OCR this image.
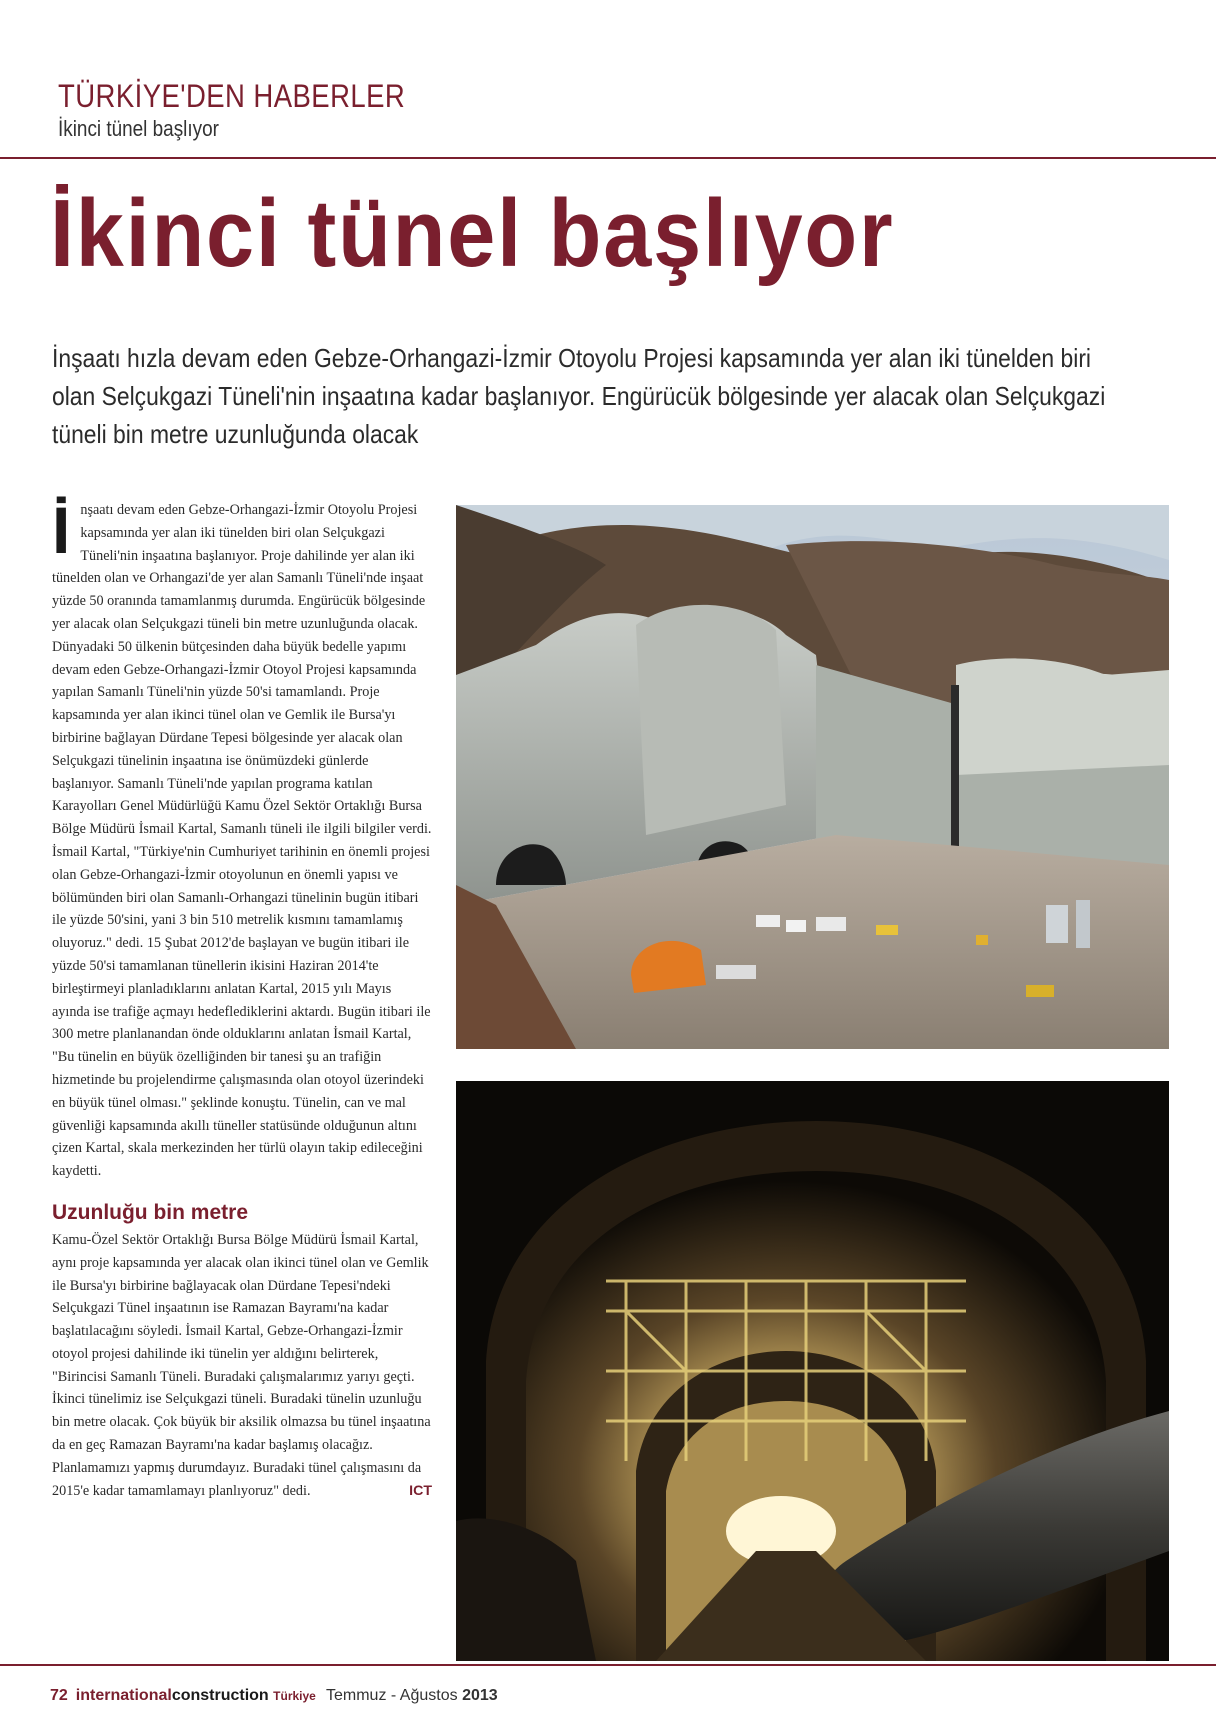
TÜRKİYE'DEN HABERLER
İkinci tünel başlıyor
İkinci tünel başlıyor
İnşaatı hızla devam eden Gebze-Orhangazi-İzmir Otoyolu Projesi kapsamında yer alan iki tünelden biri olan Selçukgazi Tüneli'nin inşaatına kadar başlanıyor. Engürücük bölgesinde yer alacak olan Selçukgazi tüneli bin metre uzunluğunda olacak

İnşaatı devam eden Gebze-Orhangazi-İzmir Otoyolu Projesi kapsamında yer alan iki tünelden biri olan Selçukgazi Tüneli'nin inşaatına başlanıyor. Proje dahilinde yer alan iki tünelden olan ve Orhangazi'de yer alan Samanlı Tüneli'nde inşaat yüzde 50 oranında tamamlanmış durumda. Engürücük bölgesinde yer alacak olan Selçukgazi tüneli bin metre uzunluğunda olacak. Dünyadaki 50 ülkenin bütçesinden daha büyük bedelle yapımı devam eden Gebze-Orhangazi-İzmir Otoyol Projesi kapsamında yapılan Samanlı Tüneli'nin yüzde 50'si tamamlandı. Proje kapsamında yer alan ikinci tünel olan ve Gemlik ile Bursa'yı birbirine bağlayan Dürdane Tepesi bölgesinde yer alacak olan Selçukgazi tünelinin inşaatına ise önümüzdeki günlerde başlanıyor. Samanlı Tüneli'nde yapılan programa katılan Karayolları Genel Müdürlüğü Kamu Özel Sektör Ortaklığı Bursa Bölge Müdürü İsmail Kartal, Samanlı tüneli ile ilgili bilgiler verdi. İsmail Kartal, "Türkiye'nin Cumhuriyet tarihinin en önemli projesi olan Gebze-Orhangazi-İzmir otoyolunun en önemli yapısı ve bölümünden biri olan Samanlı-Orhangazi tünelinin bugün itibari ile yüzde 50'sini, yani 3 bin 510 metrelik kısmını tamamlamış oluyoruz." dedi. 15 Şubat 2012'de başlayan ve bugün itibari ile yüzde 50'si tamamlanan tünellerin ikisini Haziran 2014'te birleştirmeyi planladıklarını anlatan Kartal, 2015 yılı Mayıs ayında ise trafiğe açmayı hedeflediklerini aktardı. Bugün itibari ile 300 metre planlanandan önde olduklarını anlatan İsmail Kartal, "Bu tünelin en büyük özelliğinden bir tanesi şu an trafiğin hizmetinde bu projelendirme çalışmasında olan otoyol üzerindeki en büyük tünel olması." şeklinde konuştu. Tünelin, can ve mal güvenliği kapsamında akıllı tüneller statüsünde olduğunun altını çizen Kartal, skala merkezinden her türlü olayın takip edileceğini kaydetti.

Uzunluğu bin metre

Kamu-Özel Sektör Ortaklığı Bursa Bölge Müdürü İsmail Kartal, aynı proje kapsamında yer alacak olan ikinci tünel olan ve Gemlik ile Bursa'yı birbirine bağlayacak olan Dürdane Tepesi'ndeki Selçukgazi Tünel inşaatının ise Ramazan Bayramı'na kadar başlatılacağını söyledi. İsmail Kartal, Gebze-Orhangazi-İzmir otoyol projesi dahilinde iki tünelin yer aldığını belirterek, "Birincisi Samanlı Tüneli. Buradaki çalışmalarımız yarıyı geçti. İkinci tünelimiz ise Selçukgazi tüneli. Buradaki tünelin uzunluğu bin metre olacak. Çok büyük bir aksilik olmazsa bu tünel inşaatına da en geç Ramazan Bayramı'na kadar başlamış olacağız. Planlamamızı yapmış durumdayız. Buradaki tünel çalışmasını da 2015'e kadar tamamlamayı planlıyoruz" dedi.	ICT

72 internationalconstruction Türkiye Temmuz - Ağustos 2013
